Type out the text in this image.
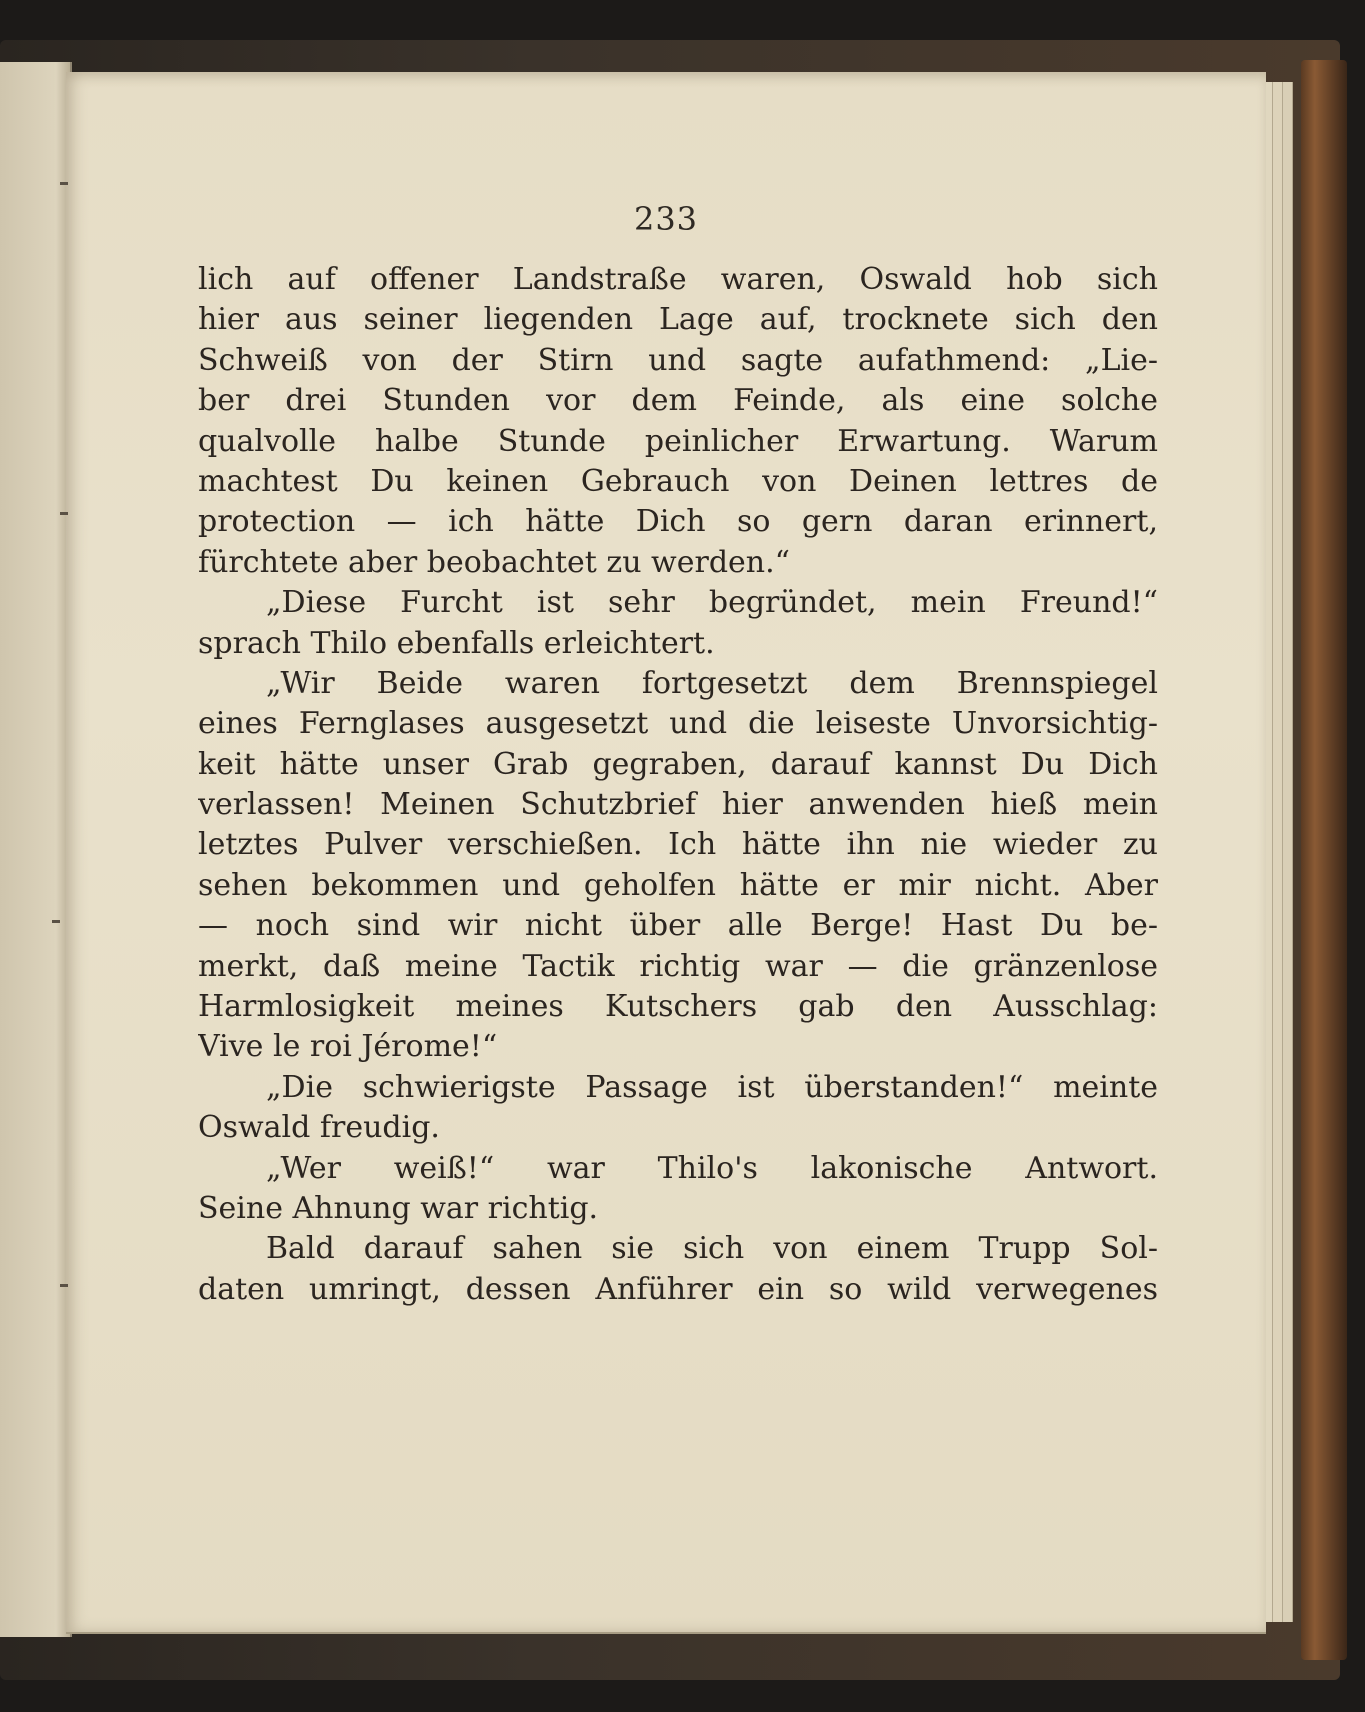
233
lich auf offener Landstraße waren, Oswald hob sich
hier aus seiner liegenden Lage auf, trocknete sich den
Schweiß von der Stirn und sagte aufathmend: „Lie-
ber drei Stunden vor dem Feinde, als eine solche
qualvolle halbe Stunde peinlicher Erwartung. Warum
machtest Du keinen Gebrauch von Deinen lettres de
protection — ich hätte Dich so gern daran erinnert,
fürchtete aber beobachtet zu werden.“
„Diese Furcht ist sehr begründet, mein Freund!“
sprach Thilo ebenfalls erleichtert.
„Wir Beide waren fortgesetzt dem Brennspiegel
eines Fernglases ausgesetzt und die leiseste Unvorsichtig-
keit hätte unser Grab gegraben, darauf kannst Du Dich
verlassen! Meinen Schutzbrief hier anwenden hieß mein
letztes Pulver verschießen. Ich hätte ihn nie wieder zu
sehen bekommen und geholfen hätte er mir nicht. Aber
— noch sind wir nicht über alle Berge! Hast Du be-
merkt, daß meine Tactik richtig war — die gränzenlose
Harmlosigkeit meines Kutschers gab den Ausschlag:
Vive le roi Jérome!“
„Die schwierigste Passage ist überstanden!“ meinte
Oswald freudig.
„Wer weiß!“ war Thilo's lakonische Antwort.
Seine Ahnung war richtig.
Bald darauf sahen sie sich von einem Trupp Sol-
daten umringt, dessen Anführer ein so wild verwegenes
